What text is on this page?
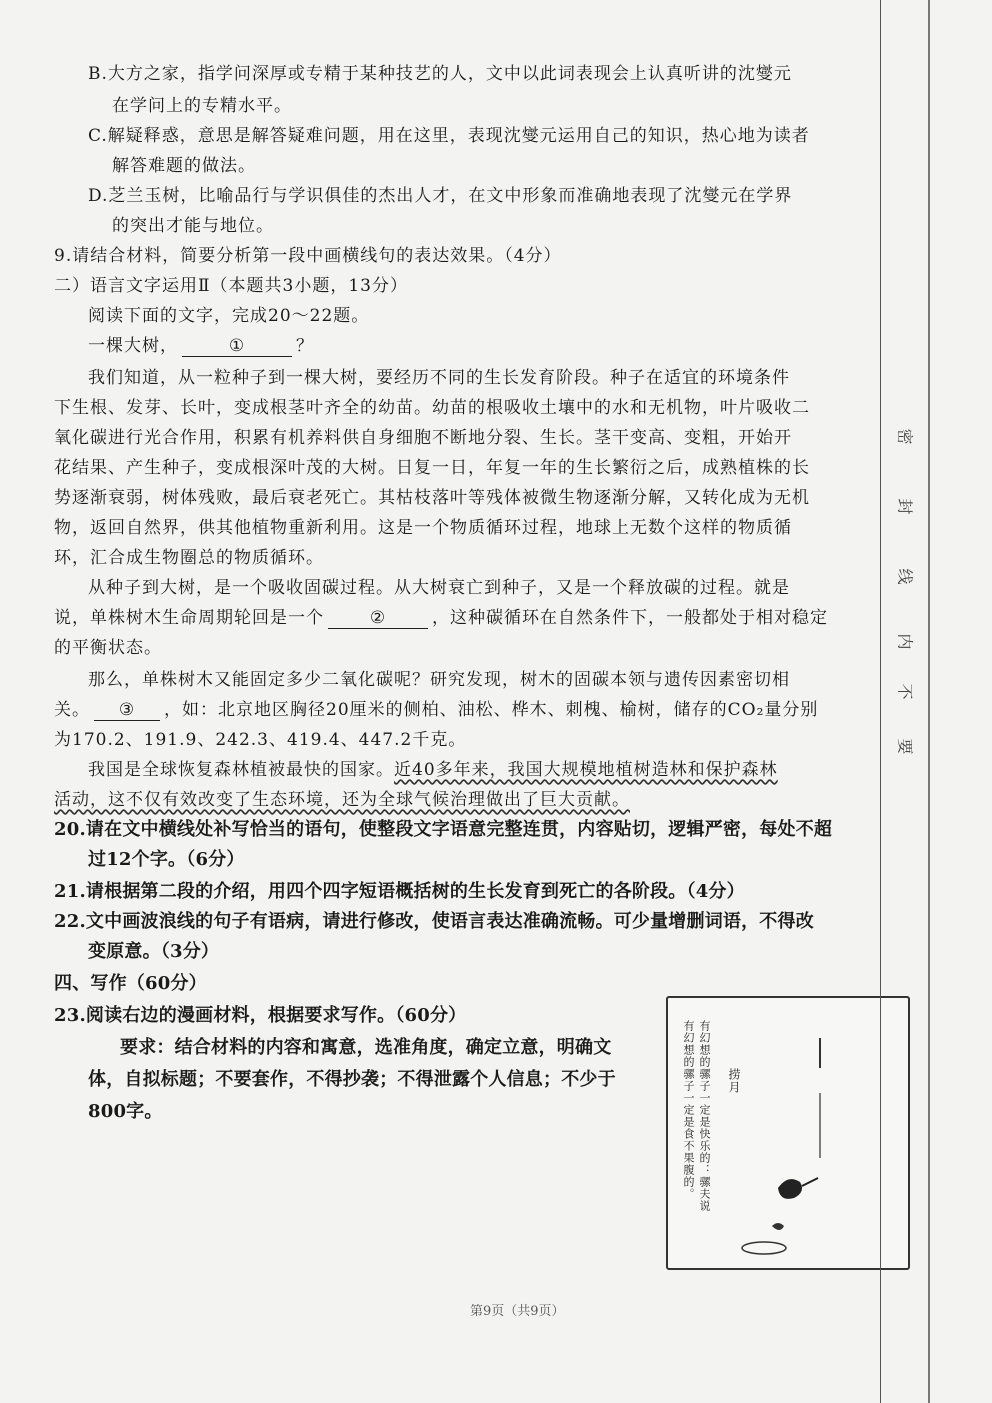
B.大方之家，指学问深厚或专精于某种技艺的人，文中以此词表现会上认真听讲的沈燮元
在学问上的专精水平。
C.解疑释惑，意思是解答疑难问题，用在这里，表现沈燮元运用自己的知识，热心地为读者
解答难题的做法。
D.芝兰玉树，比喻品行与学识俱佳的杰出人才，在文中形象而准确地表现了沈燮元在学界
的突出才能与地位。
9.请结合材料，简要分析第一段中画横线句的表达效果。（4分）
二）语言文字运用Ⅱ（本题共3小题，13分）
阅读下面的文字，完成20～22题。
一棵大树，	①	？
我们知道，从一粒种子到一棵大树，要经历不同的生长发育阶段。种子在适宜的环境条件
下生根、发芽、长叶，变成根茎叶齐全的幼苗。幼苗的根吸收土壤中的水和无机物，叶片吸收二
氧化碳进行光合作用，积累有机养料供自身细胞不断地分裂、生长。茎干变高、变粗，开始开
花结果、产生种子，变成根深叶茂的大树。日复一日，年复一年的生长繁衍之后，成熟植株的长
势逐渐衰弱，树体残败，最后衰老死亡。其枯枝落叶等残体被微生物逐渐分解，又转化成为无机
物，返回自然界，供其他植物重新利用。这是一个物质循环过程，地球上无数个这样的物质循
环，汇合成生物圈总的物质循环。
从种子到大树，是一个吸收固碳过程。从大树衰亡到种子，又是一个释放碳的过程。就是
说，单株树木生命周期轮回是一个	②	，这种碳循环在自然条件下，一般都处于相对稳定
的平衡状态。
那么，单株树木又能固定多少二氧化碳呢？研究发现，树木的固碳本领与遗传因素密切相
关。 ③ ，如：北京地区胸径20厘米的侧柏、油松、桦木、刺槐、榆树，储存的CO₂量分别
为170.2、191.9、242.3、419.4、447.2千克。
我国是全球恢复森林植被最快的国家。近40多年来，我国大规模地植树造林和保护森林
活动，这不仅有效改变了生态环境，还为全球气候治理做出了巨大贡献。
20.请在文中横线处补写恰当的语句，使整段文字语意完整连贯，内容贴切，逻辑严密，每处不超
过12个字。（6分）
21.请根据第二段的介绍，用四个四字短语概括树的生长发育到死亡的各阶段。（4分）
22.文中画波浪线的句子有语病，请进行修改，使语言表达准确流畅。可少量增删词语，不得改
变原意。（3分）
四、写作（60分）
23.阅读右边的漫画材料，根据要求写作。（60分）
要求：结合材料的内容和寓意，选准角度，确定立意，明确文
体，自拟标题；不要套作，不得抄袭；不得泄露个人信息；不少于
800字。	有幻想的骡子一定是快乐的：骡夫说
有幻想的骡子一定是食不果腹的。	捞月
密
封
线
内
不
要
第9页（共9页）
